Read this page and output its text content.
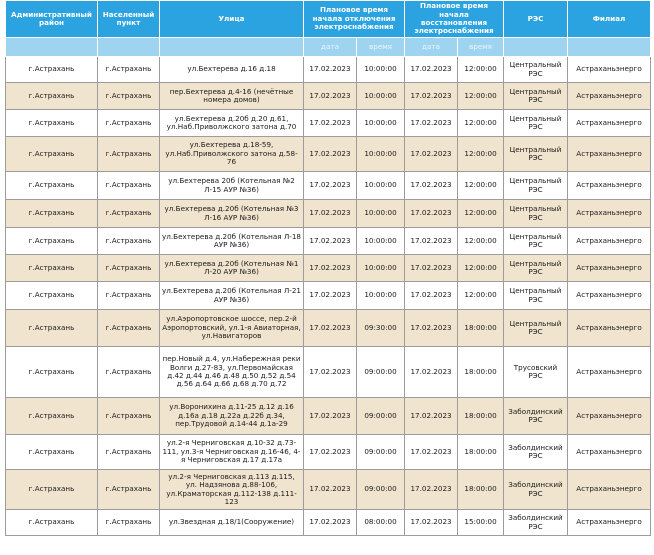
Административный район	Населенный пункт	Улица	Плановое время начала отключения электроснабжения		Плановое время начала восстановления электроснабжения		РЭС	Филиал
			дата	время	дата	время		
г.Астрахань	г.Астрахань	ул.Бехтерева д.16 д.18	17.02.2023	10:00:00	17.02.2023	12:00:00	Центральный РЭС	Астраханьэнерго
г.Астрахань	г.Астрахань	пер.Бехтерева д.4-16 (нечётные номера домов)	17.02.2023	10:00:00	17.02.2023	12:00:00	Центральный РЭС	Астраханьэнерго
г.Астрахань	г.Астрахань	ул.Бехтерева д.20б д.20 д.61, ул.Наб.Приволжского затона д.70	17.02.2023	10:00:00	17.02.2023	12:00:00	Центральный РЭС	Астраханьэнерго
г.Астрахань	г.Астрахань	ул.Бехтерева д.18-59, ул.Наб.Приволжского затона д.58-76	17.02.2023	10:00:00	17.02.2023	12:00:00	Центральный РЭС	Астраханьэнерго
г.Астрахань	г.Астрахань	ул.Бехтерева 20б (Котельная №2 Л-15 АУР №36)	17.02.2023	10:00:00	17.02.2023	12:00:00	Центральный РЭС	Астраханьэнерго
г.Астрахань	г.Астрахань	ул.Бехтерева д.20б (Котельная №3 Л-16 АУР №36)	17.02.2023	10:00:00	17.02.2023	12:00:00	Центральный РЭС	Астраханьэнерго
г.Астрахань	г.Астрахань	ул.Бехтерева д.20б (Котельная Л-18 АУР №36)	17.02.2023	10:00:00	17.02.2023	12:00:00	Центральный РЭС	Астраханьэнерго
г.Астрахань	г.Астрахань	ул.Бехтерева д.20б (Котельная №1 Л-20 АУР №36)	17.02.2023	10:00:00	17.02.2023	12:00:00	Центральный РЭС	Астраханьэнерго
г.Астрахань	г.Астрахань	ул.Бехтерева д.20б (Котельная Л-21 АУР №36)	17.02.2023	10:00:00	17.02.2023	12:00:00	Центральный РЭС	Астраханьэнерго
г.Астрахань	г.Астрахань	ул.Аэропортовское шоссе, пер.2-й Аэропортовский, ул.1-я Авиаторная, ул.Навигаторов	17.02.2023	09:30:00	17.02.2023	18:00:00	Центральный РЭС	Астраханьэнерго
г.Астрахань	г.Астрахань	пер.Новый д.4, ул.Набережная реки Волги д.27-83, ул.Первомайская д.42 д.44 д.46 д.48 д.50 д.52 д.54 д.56 д.64 д.66 д.68 д.70 д.72	17.02.2023	09:00:00	17.02.2023	18:00:00	Трусовский РЭС	Астраханьэнерго
г.Астрахань	г.Астрахань	ул.Воронихина д.11-25 д.12 д.16 д.16а д.18 д.22а д.22б д.34, пер.Трудовой д.14-44 д.1а-29	17.02.2023	09:00:00	17.02.2023	18:00:00	Заболдинский РЭС	Астраханьэнерго
г.Астрахань	г.Астрахань	ул.2-я Черниговская д.10-32 д.73-111, ул.3-я Черниговская д.16-46, 4-я Черниговская д.17 д.17а	17.02.2023	09:00:00	17.02.2023	18:00:00	Заболдинский РЭС	Астраханьэнерго
г.Астрахань	г.Астрахань	ул.2-я Черниговская д.113 д.115, ул. Надзянова д.88-106, ул.Краматорская д.112-138 д.111-123	17.02.2023	09:00:00	17.02.2023	18:00:00	Заболдинский РЭС	Астраханьэнерго
г.Астрахань	г.Астрахань	ул.Звездная д.18/1(Сооружение)	17.02.2023	08:00:00	17.02.2023	15:00:00	Заболдинский РЭС	Астраханьэнерго
